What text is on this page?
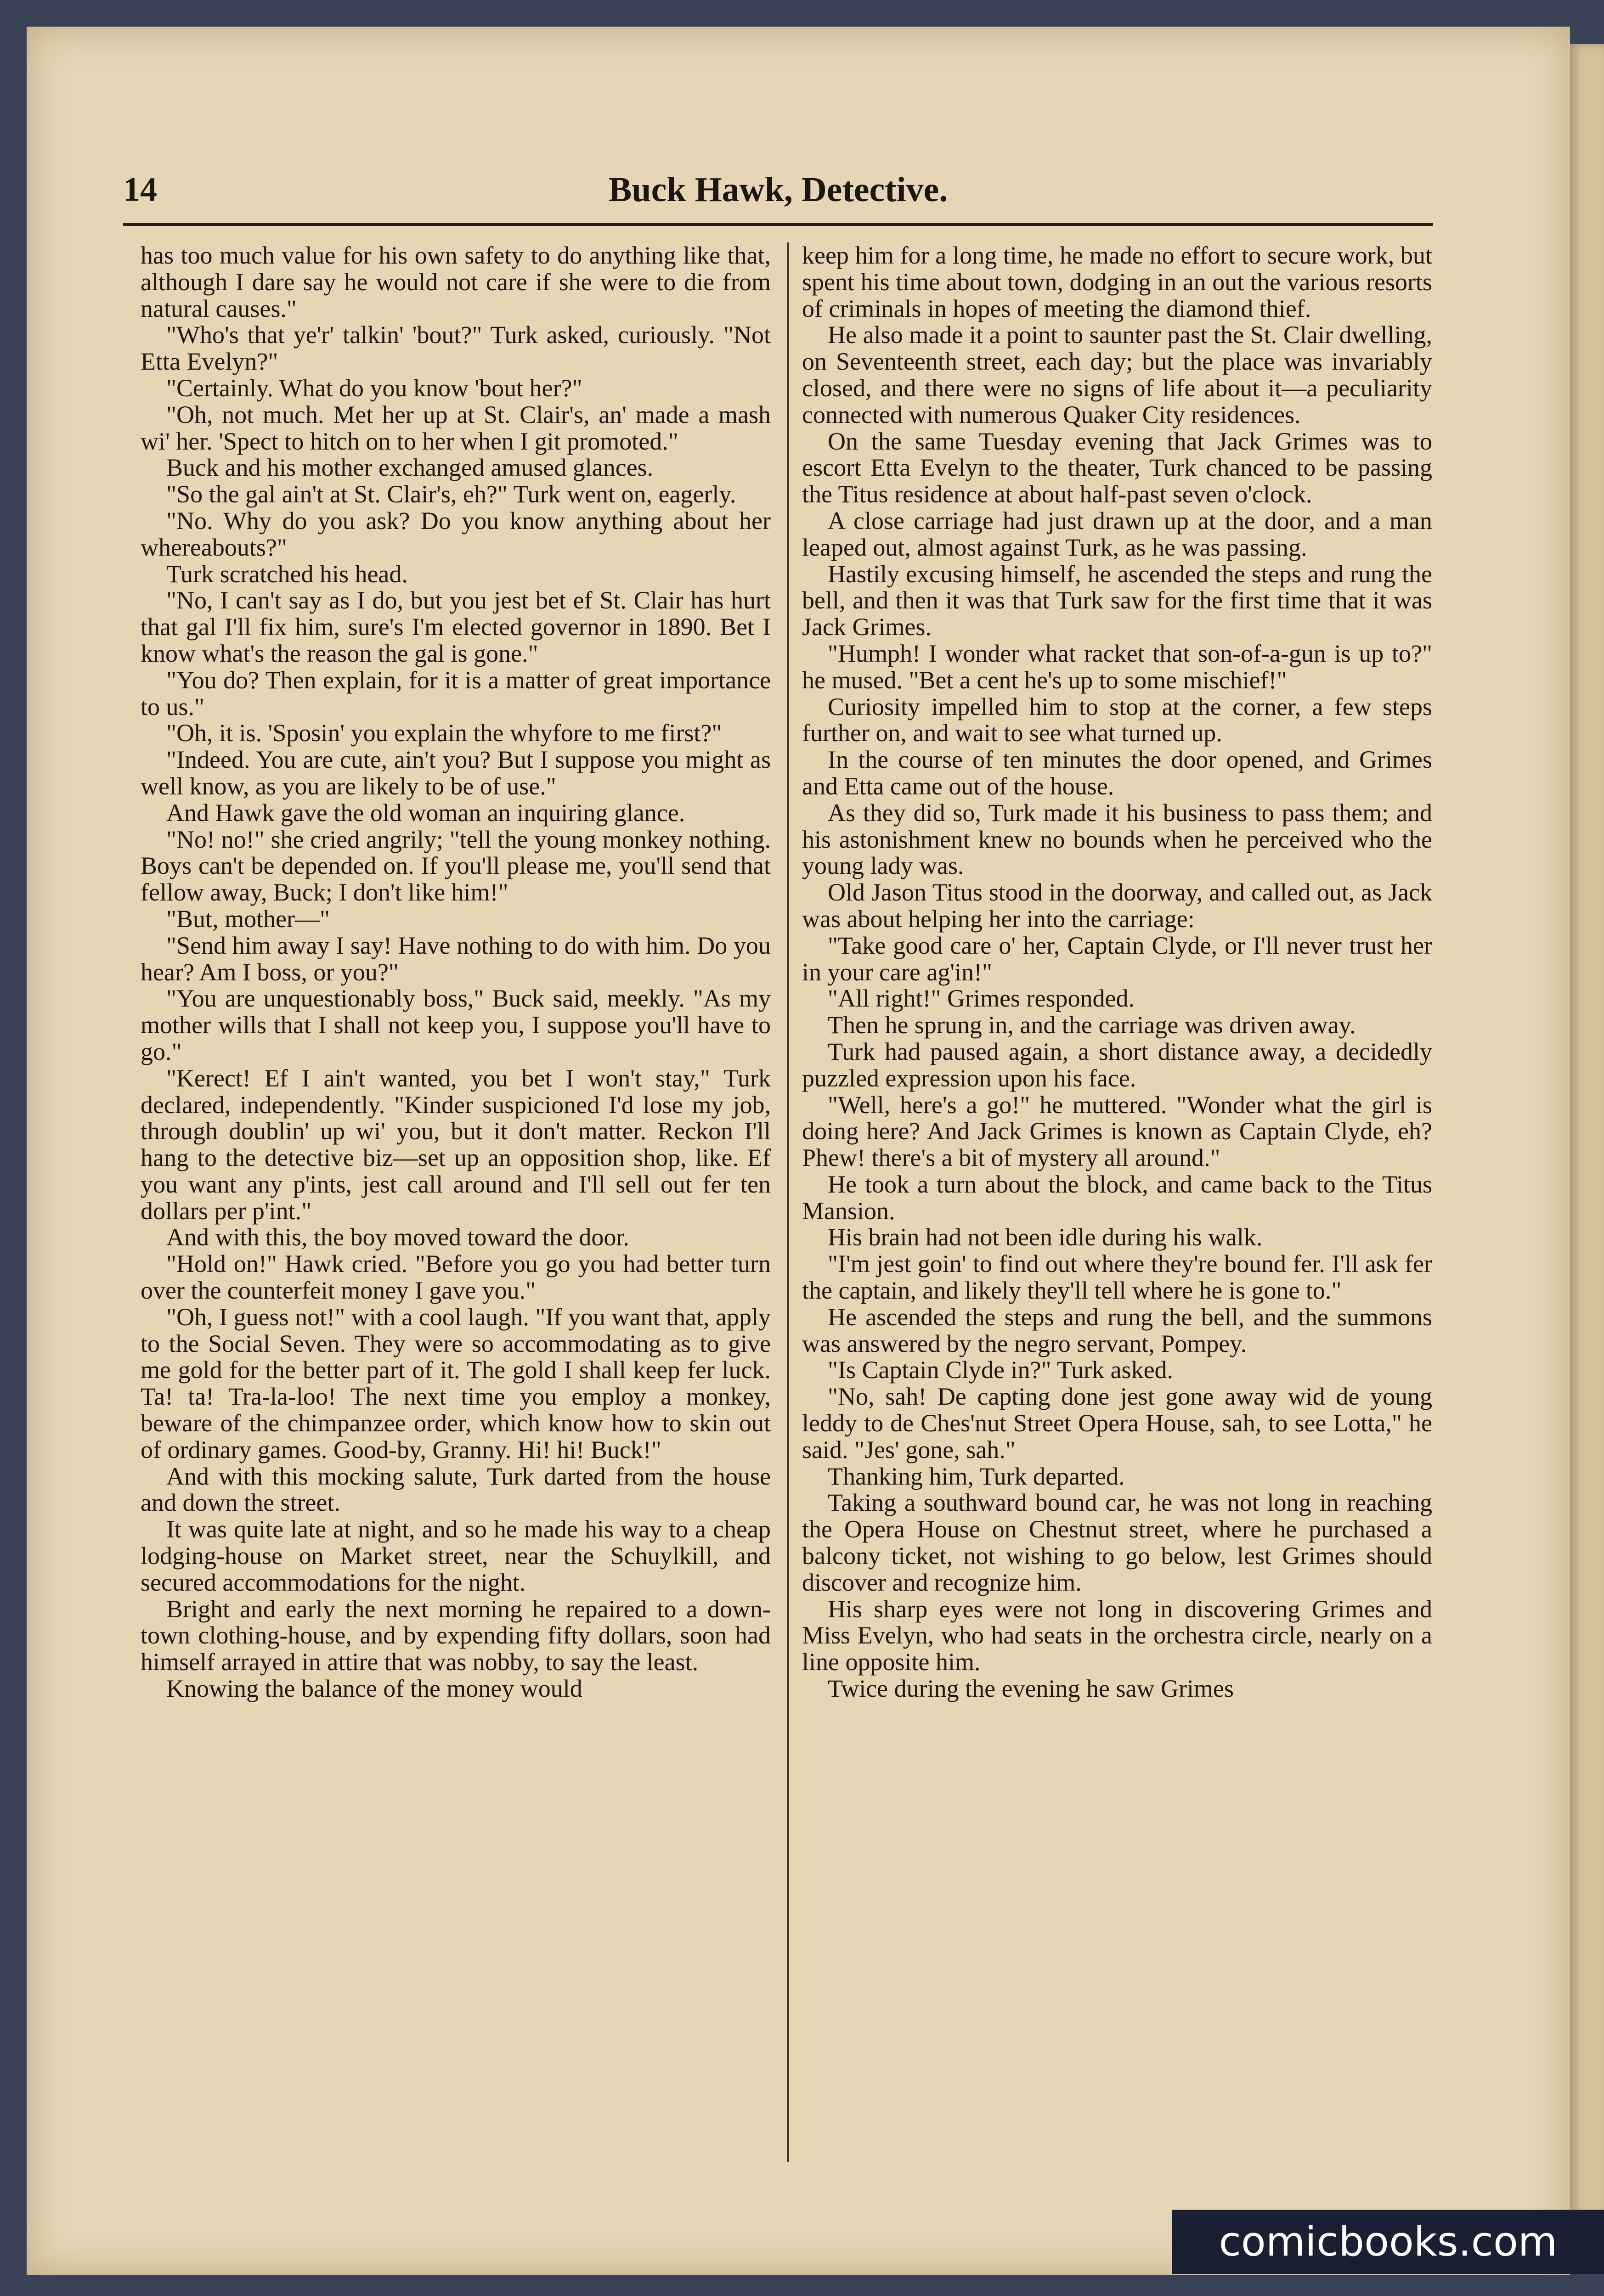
14	Buck Hawk, Detective.

has too much value for his own safety to do anything like that, although I dare say he would not care if she were to die from natural causes."

"Who's that ye'r' talkin' 'bout?" Turk asked, curiously. "Not Etta Evelyn?"

"Certainly. What do you know 'bout her?"

"Oh, not much. Met her up at St. Clair's, an' made a mash wi' her. 'Spect to hitch on to her when I git promoted."

Buck and his mother exchanged amused glances.

"So the gal ain't at St. Clair's, eh?" Turk went on, eagerly.

"No. Why do you ask? Do you know anything about her whereabouts?"

Turk scratched his head.

"No, I can't say as I do, but you jest bet ef St. Clair has hurt that gal I'll fix him, sure's I'm elected governor in 1890. Bet I know what's the reason the gal is gone."

"You do? Then explain, for it is a matter of great importance to us."

"Oh, it is. 'Sposin' you explain the whyfore to me first?"

"Indeed. You are cute, ain't you? But I suppose you might as well know, as you are likely to be of use."

And Hawk gave the old woman an inquiring glance.

"No! no!" she cried angrily; "tell the young monkey nothing. Boys can't be depended on. If you'll please me, you'll send that fellow away, Buck; I don't like him!"

"But, mother—"

"Send him away I say! Have nothing to do with him. Do you hear? Am I boss, or you?"

"You are unquestionably boss," Buck said, meekly. "As my mother wills that I shall not keep you, I suppose you'll have to go."

"Kerect! Ef I ain't wanted, you bet I won't stay," Turk declared, independently. "Kinder suspicioned I'd lose my job, through doublin' up wi' you, but it don't matter. Reckon I'll hang to the detective biz—set up an opposition shop, like. Ef you want any p'ints, jest call around and I'll sell out fer ten dollars per p'int."

And with this, the boy moved toward the door.

"Hold on!" Hawk cried. "Before you go you had better turn over the counterfeit money I gave you."

"Oh, I guess not!" with a cool laugh. "If you want that, apply to the Social Seven. They were so accommodating as to give me gold for the better part of it. The gold I shall keep fer luck. Ta! ta! Tra-la-loo! The next time you employ a monkey, beware of the chimpanzee order, which know how to skin out of ordinary games. Good-by, Granny. Hi! hi! Buck!"

And with this mocking salute, Turk darted from the house and down the street.

It was quite late at night, and so he made his way to a cheap lodging-house on Market street, near the Schuylkill, and secured accommodations for the night.

Bright and early the next morning he repaired to a down-town clothing-house, and by expending fifty dollars, soon had himself arrayed in attire that was nobby, to say the least.

Knowing the balance of the money would

keep him for a long time, he made no effort to secure work, but spent his time about town, dodging in an out the various resorts of criminals in hopes of meeting the diamond thief.

He also made it a point to saunter past the St. Clair dwelling, on Seventeenth street, each day; but the place was invariably closed, and there were no signs of life about it—a peculiarity connected with numerous Quaker City residences.

On the same Tuesday evening that Jack Grimes was to escort Etta Evelyn to the theater, Turk chanced to be passing the Titus residence at about half-past seven o'clock.

A close carriage had just drawn up at the door, and a man leaped out, almost against Turk, as he was passing.

Hastily excusing himself, he ascended the steps and rung the bell, and then it was that Turk saw for the first time that it was Jack Grimes.

"Humph! I wonder what racket that son-of-a-gun is up to?" he mused. "Bet a cent he's up to some mischief!"

Curiosity impelled him to stop at the corner, a few steps further on, and wait to see what turned up.

In the course of ten minutes the door opened, and Grimes and Etta came out of the house.

As they did so, Turk made it his business to pass them; and his astonishment knew no bounds when he perceived who the young lady was.

Old Jason Titus stood in the doorway, and called out, as Jack was about helping her into the carriage:

"Take good care o' her, Captain Clyde, or I'll never trust her in your care ag'in!"

"All right!" Grimes responded.

Then he sprung in, and the carriage was driven away.

Turk had paused again, a short distance away, a decidedly puzzled expression upon his face.

"Well, here's a go!" he muttered. "Wonder what the girl is doing here? And Jack Grimes is known as Captain Clyde, eh? Phew! there's a bit of mystery all around."

He took a turn about the block, and came back to the Titus Mansion.

His brain had not been idle during his walk.

"I'm jest goin' to find out where they're bound fer. I'll ask fer the captain, and likely they'll tell where he is gone to."

He ascended the steps and rung the bell, and the summons was answered by the negro servant, Pompey.

"Is Captain Clyde in?" Turk asked.

"No, sah! De capting done jest gone away wid de young leddy to de Ches'nut Street Opera House, sah, to see Lotta," he said. "Jes' gone, sah."

Thanking him, Turk departed.

Taking a southward bound car, he was not long in reaching the Opera House on Chestnut street, where he purchased a balcony ticket, not wishing to go below, lest Grimes should discover and recognize him.

His sharp eyes were not long in discovering Grimes and Miss Evelyn, who had seats in the orchestra circle, nearly on a line opposite him.

Twice during the evening he saw Grimes

comicbooks.com
